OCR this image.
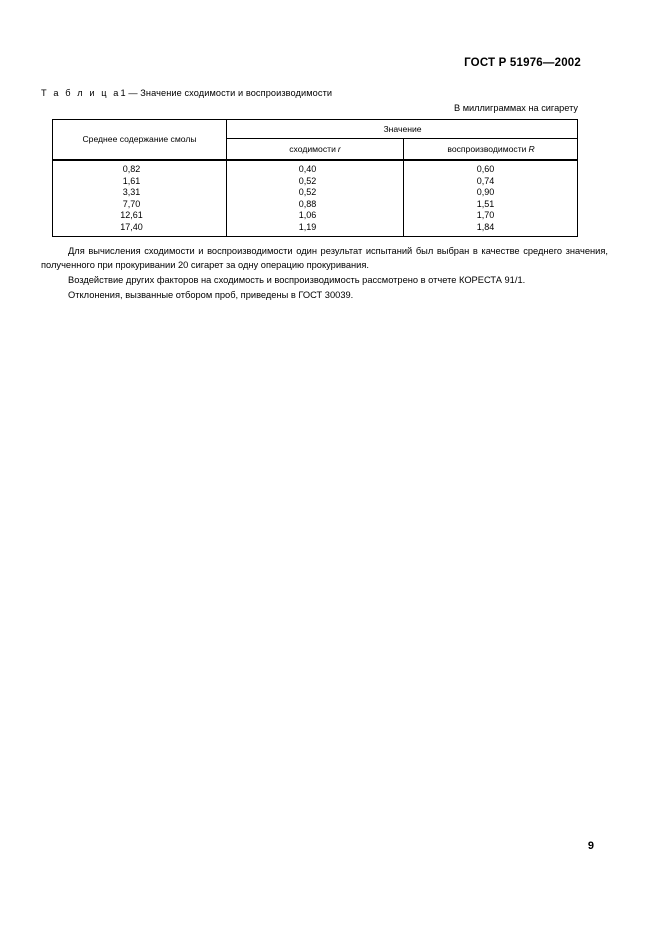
ГОСТ Р 51976—2002
Т а б л и ц а1 — Значение сходимости и воспроизводимости
В миллиграммах на сигарету
Среднее содержание смолы
Значение
сходимости r	воспроизводимости R
0,82
1,61
3,31
7,70
12,61
17,40
0,40
0,52
0,52
0,88
1,06
1,19
0,60
0,74
0,90
1,51
1,70
1,84

Для вычисления сходимости и воспроизводимости один результат испытаний был выбран в качестве среднего значения, полученного при прокуривании 20 сигарет за одну операцию прокуривания.

Воздействие других факторов на сходимость и воспроизводимость рассмотрено в отчете КОРЕСТА 91/1.

Отклонения, вызванные отбором проб, приведены в ГОСТ 30039.

9
